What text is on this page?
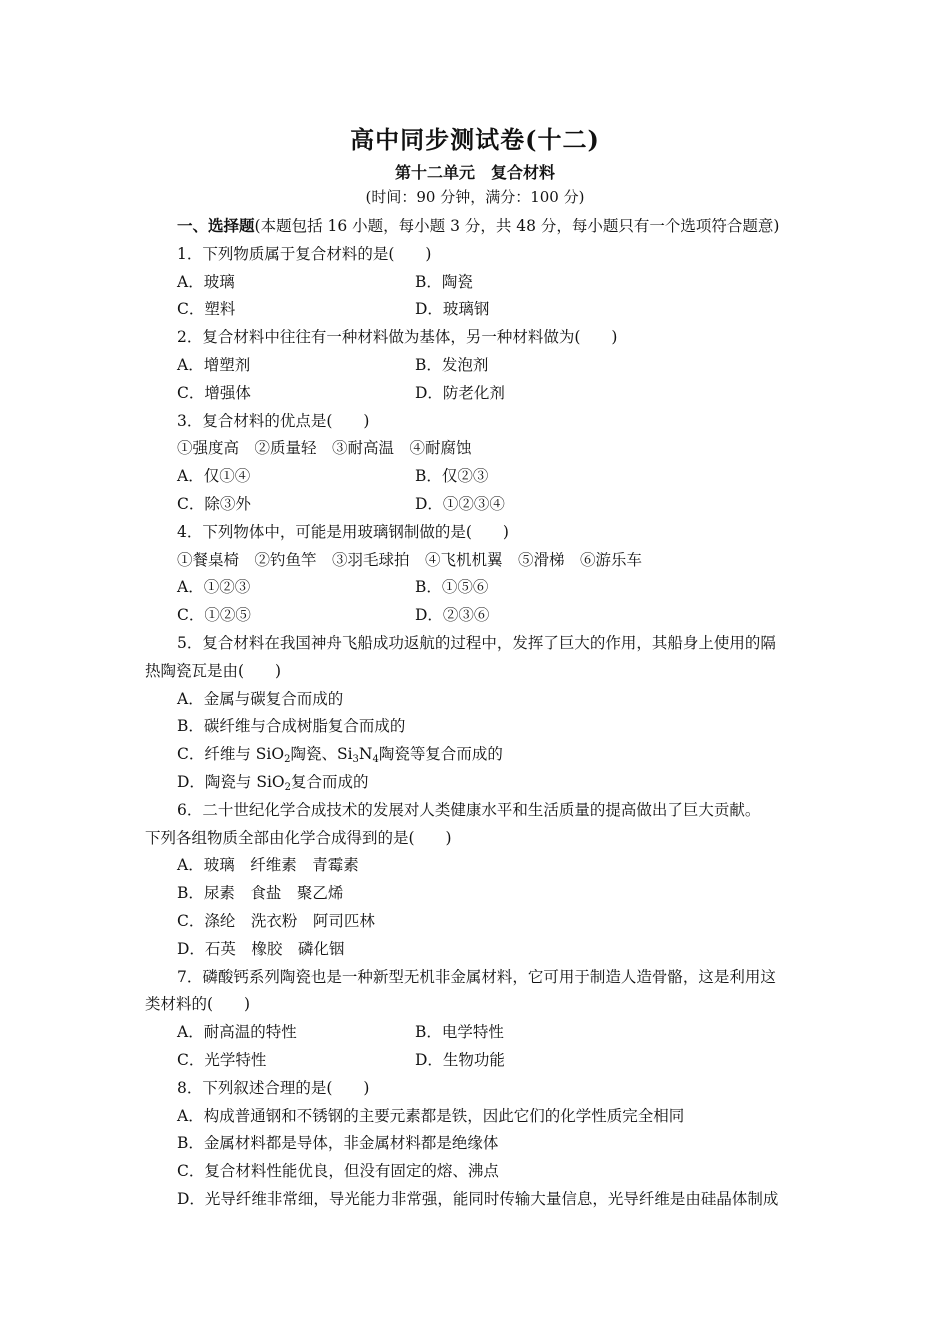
高中同步测试卷(十二)
第十二单元　复合材料
(时间：90 分钟，满分：100 分)
一、选择题(本题包括 16 小题，每小题 3 分，共 48 分，每小题只有一个选项符合题意)
1．下列物质属于复合材料的是(　　)
A．玻璃	B．陶瓷
C．塑料	D．玻璃钢
2．复合材料中往往有一种材料做为基体，另一种材料做为(　　)
A．增塑剂	B．发泡剂
C．增强体	D．防老化剂
3．复合材料的优点是(　　)
①强度高　②质量轻　③耐高温　④耐腐蚀
A．仅①④	B．仅②③
C．除③外	D．①②③④
4．下列物体中，可能是用玻璃钢制做的是(　　)
①餐桌椅　②钓鱼竿　③羽毛球拍　④飞机机翼　⑤滑梯　⑥游乐车
A．①②③	B．①⑤⑥
C．①②⑤	D．②③⑥
5．复合材料在我国神舟飞船成功返航的过程中，发挥了巨大的作用，其船身上使用的隔
热陶瓷瓦是由(　　)
A．金属与碳复合而成的
B．碳纤维与合成树脂复合而成的
C．纤维与 SiO$_2$陶瓷、$Si_3N_4$陶瓷等复合而成的
D．陶瓷与 SiO$_2$复合而成的
6．二十世纪化学合成技术的发展对人类健康水平和生活质量的提高做出了巨大贡献。
下列各组物质全部由化学合成得到的是(　　)
A．玻璃　纤维素　青霉素
B．尿素　食盐　聚乙烯
C．涤纶　洗衣粉　阿司匹林
D．石英　橡胶　磷化铟
7．磷酸钙系列陶瓷也是一种新型无机非金属材料，它可用于制造人造骨骼，这是利用这
类材料的(　　)
A．耐高温的特性	B．电学特性
C．光学特性	D．生物功能
8．下列叙述合理的是(　　)
A．构成普通钢和不锈钢的主要元素都是铁，因此它们的化学性质完全相同
B．金属材料都是导体，非金属材料都是绝缘体
C．复合材料性能优良，但没有固定的熔、沸点
D．光导纤维非常细，导光能力非常强，能同时传输大量信息，光导纤维是由硅晶体制成
